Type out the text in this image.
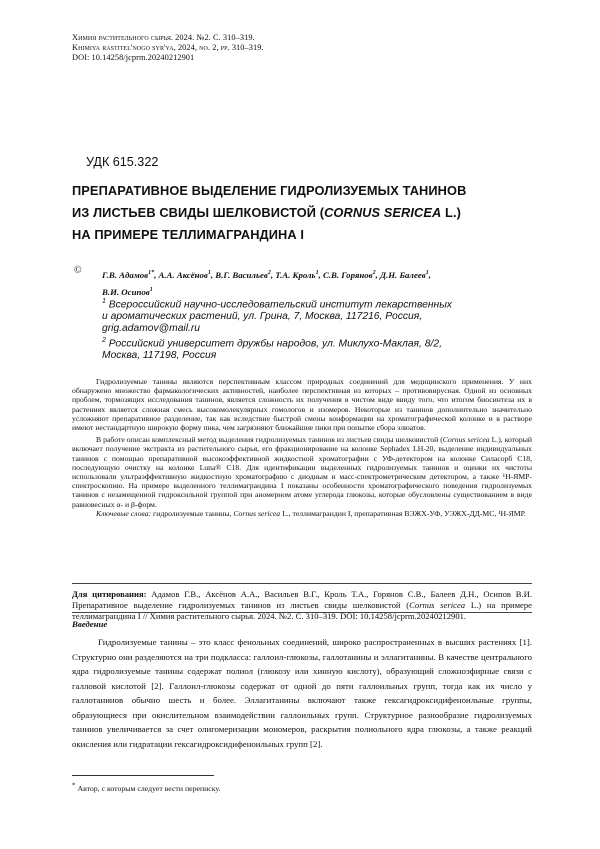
Химия растительного сырья. 2024. №2. С. 310–319.
Khimiya rastitel'nogo syr'ya, 2024, no. 2, pp. 310–319.
DOI: 10.14258/jcprm.20240212901
УДК 615.322
ПРЕПАРАТИВНОЕ ВЫДЕЛЕНИЕ ГИДРОЛИЗУЕМЫХ ТАНИНОВ
ИЗ ЛИСТЬЕВ СВИДЫ ШЕЛКОВИСТОЙ (CORNUS SERICEA L.)
НА ПРИМЕРЕ ТЕЛЛИМАГРАНДИНА I
© Г.В. Адамов$^{1*}$, А.А. Аксёнов$^1$, В.Г. Васильев$^2$, Т.А. Кроль$^1$, С.В. Горянов$^2$, Д.Н. Балеев$^1$,
В.И. Осипов$^1$
$^1$ Всероссийский научно-исследовательский институт лекарственных
и ароматических растений, ул. Грина, 7, Москва, 117216, Россия,
grig.adamov@mail.ru
$^2$ Российский университет дружбы народов, ул. Миклухо-Маклая, 8/2,
Москва, 117198, Россия

Гидролизуемые танины являются перспективным классом природных соединений для медицинского применения. У них обнаружено множество фармакологических активностей, наиболее перспективная из которых – противовирусная. Одной из основных проблем, тормозящих исследования танинов, является сложность их получения в чистом виде ввиду того, что итогом биосинтеза их в растениях является сложная смесь высокомолекулярных гомологов и изомеров. Некоторые из танинов дополнительно значительно усложняют препаративное разделение, так как вследствие быстрой смены конформации на хроматографической колонке и в растворе имеют нестандартную широкую форму пика, чем загрязняют ближайшие пики при попытке сбора элюатов.

В работе описан комплексный метод выделения гидролизуемых танинов из листьев свиды шелковистой (Cornus sericea L.), который включает получение экстракта из растительного сырья, его фракционирование на колонке Sephadex LH-20, выделение индивидуальных танинов с помощью препаративной высокоэффективной жидкостной хроматографии с УФ-детектором на колонке Силасорб С18, последующую очистку на колонке Luna® C18. Для идентификации выделенных гидролизуемых танинов и оценки их чистоты использовали ультраэффективную жидкостную хроматографию с диодным и масс-спектрометрическим детектором, а также ¹H-ЯМР-спектроскопию. На примере выделенного теллимаграндина I показаны особенности хроматографического поведения гидролизуемых танинов с незамещенной гидроксильной группой при аномерном атоме углерода глюкозы, которые обусловлены существованием в виде равновесных α- и β-форм.

Ключевые слова: гидролизуемые танины, Cornus sericea L., теллимаграндин I, препаративная ВЭЖХ-УФ, УЭЖХ-ДД-МС, ¹H-ЯМР.

Для цитирования: Адамов Г.В., Аксёнов А.А., Васильев В.Г., Кроль Т.А., Горянов С.В., Балеев Д.Н., Осипов В.И. Препаративное выделение гидролизуемых танинов из листьев свиды шелковистой (Cornus sericea L.) на примере теллимаграндина I // Химия растительного сырья. 2024. №2. С. 310–319. DOI: 10.14258/jcprm.20240212901.
Введение

Гидролизуемые танины – это класс фенольных соединений, широко распространенных в высших растениях [1]. Структурно они разделяются на три подкласса: галлоил-глюкозы, галлотанины и эллагитанины. В качестве центрального ядра гидролизуемые танины содержат полиол (глюкозу или хинную кислоту), образующий сложноэфирные связи с галловой кислотой [2]. Галлоил-глюкозы содержат от одной до пяти галлоильных групп, тогда как их число у галлотанинов обычно шесть и более. Эллагитанины включают также гексагидроксидифеноильные группы, образующиеся при окислительном взаимодействии галлоильных групп. Структурное разнообразие гидролизуемых танинов увеличивается за счет олигомеризации мономеров, раскрытия полиольного ядра глюкозы, а также реакций окисления или гидратации гексагидроксидифеноильных групп [2].

* Автор, с которым следует вести переписку.
